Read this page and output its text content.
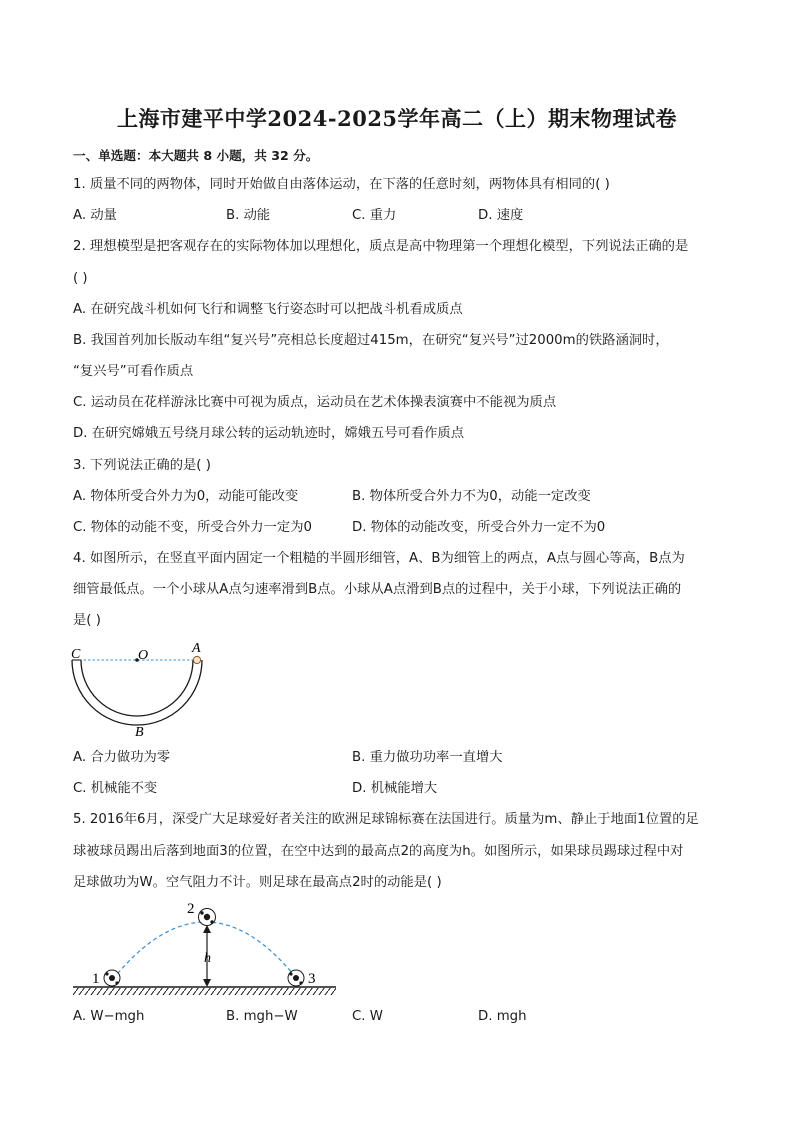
上海市建平中学2024-2025学年高二（上）期末物理试卷
一、单选题：本大题共 8 小题，共 32 分。
1. 质量不同的两物体，同时开始做自由落体运动，在下落的任意时刻，两物体具有相同的( )
A. 动量	B. 动能	C. 重力	D. 速度
2. 理想模型是把客观存在的实际物体加以理想化，质点是高中物理第一个理想化模型，下列说法正确的是
( )
A. 在研究战斗机如何飞行和调整飞行姿态时可以把战斗机看成质点
B. 我国首列加长版动车组“复兴号”亮相总长度超过415m，在研究“复兴号”过2000m的铁路涵洞时，
“复兴号”可看作质点
C. 运动员在花样游泳比赛中可视为质点，运动员在艺术体操表演赛中不能视为质点
D. 在研究嫦娥五号绕月球公转的运动轨迹时，嫦娥五号可看作质点
3. 下列说法正确的是( )
A. 物体所受合外力为0，动能可能改变	B. 物体所受合外力不为0，动能一定改变
C. 物体的动能不变，所受合外力一定为0	D. 物体的动能改变，所受合外力一定不为0
4. 如图所示，在竖直平面内固定一个粗糙的半圆形细管，A、B为细管上的两点，A点与圆心等高，B点为
细管最低点。一个小球从A点匀速率滑到B点。小球从A点滑到B点的过程中，关于小球，下列说法正确的
是( )
C	O	A
B
A. 合力做功为零	B. 重力做功功率一直增大
C. 机械能不变	D. 机械能增大
5. 2016年6月，深受广大足球爱好者关注的欧洲足球锦标赛在法国进行。质量为m、静止于地面1位置的足
球被球员踢出后落到地面3的位置，在空中达到的最高点2的高度为h。如图所示，如果球员踢球过程中对
足球做功为W。空气阻力不计。则足球在最高点2时的动能是( )
1
2
3
h
A. W−mgh	B. mgh−W	C. W	D. mgh
